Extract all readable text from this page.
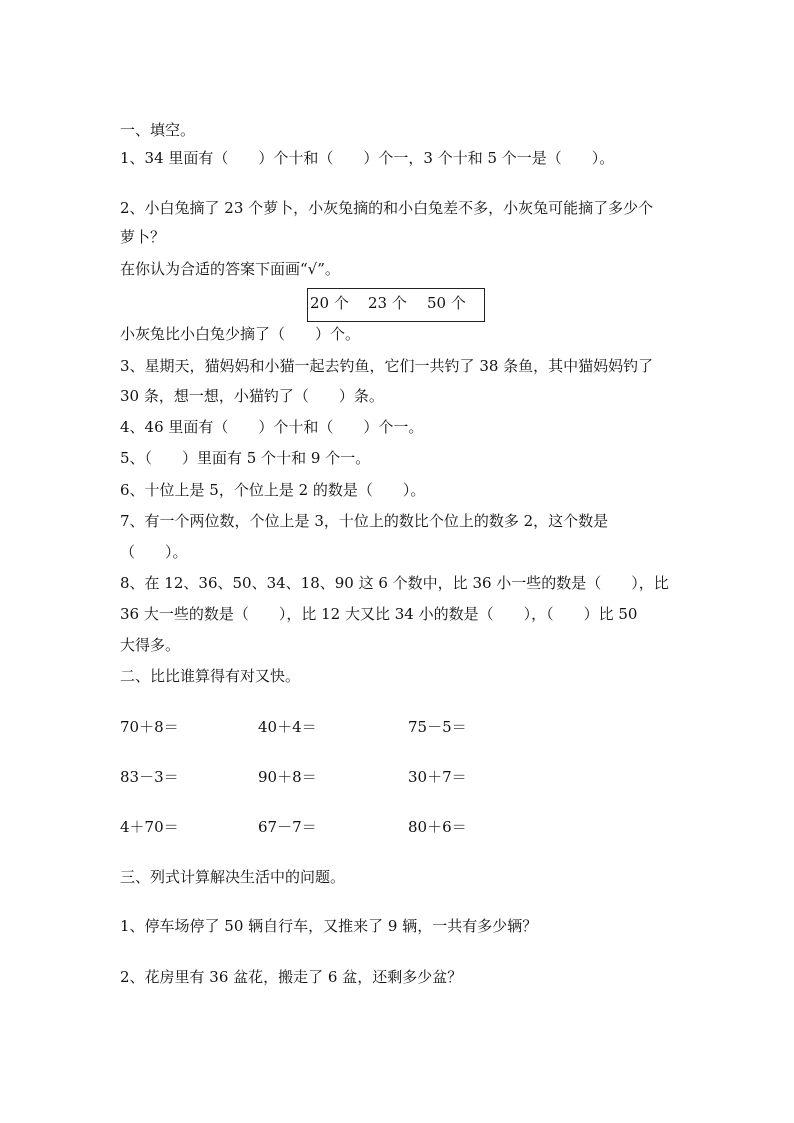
一、填空。
1、34 里面有（　　）个十和（　　）个一，3 个十和 5 个一是（　　）。
2、小白兔摘了 23 个萝卜，小灰兔摘的和小白兔差不多，小灰兔可能摘了多少个
萝卜？
在你认为合适的答案下面画“√”。
20 个 23 个 50 个
小灰兔比小白兔少摘了（　　）个。
3、星期天，猫妈妈和小猫一起去钓鱼，它们一共钓了 38 条鱼，其中猫妈妈钓了
30 条，想一想，小猫钓了（　　）条。
4、46 里面有（　　）个十和（　　）个一。
5、（　　）里面有 5 个十和 9 个一。
6、十位上是 5，个位上是 2 的数是（　　）。
7、有一个两位数，个位上是 3，十位上的数比个位上的数多 2，这个数是
（　　）。
8、在 12、36、50、34、18、90 这 6 个数中，比 36 小一些的数是（　　），比
36 大一些的数是（　　），比 12 大又比 34 小的数是（　　），（　　）比 50
大得多。
二、比比谁算得有对又快。
70＋8＝	40＋4＝	75－5＝
83－3＝	90＋8＝	30＋7＝
4＋70＝	67－7＝	80＋6＝
三、列式计算解决生活中的问题。
1、停车场停了 50 辆自行车，又推来了 9 辆，一共有多少辆？
2、花房里有 36 盆花，搬走了 6 盆，还剩多少盆？
